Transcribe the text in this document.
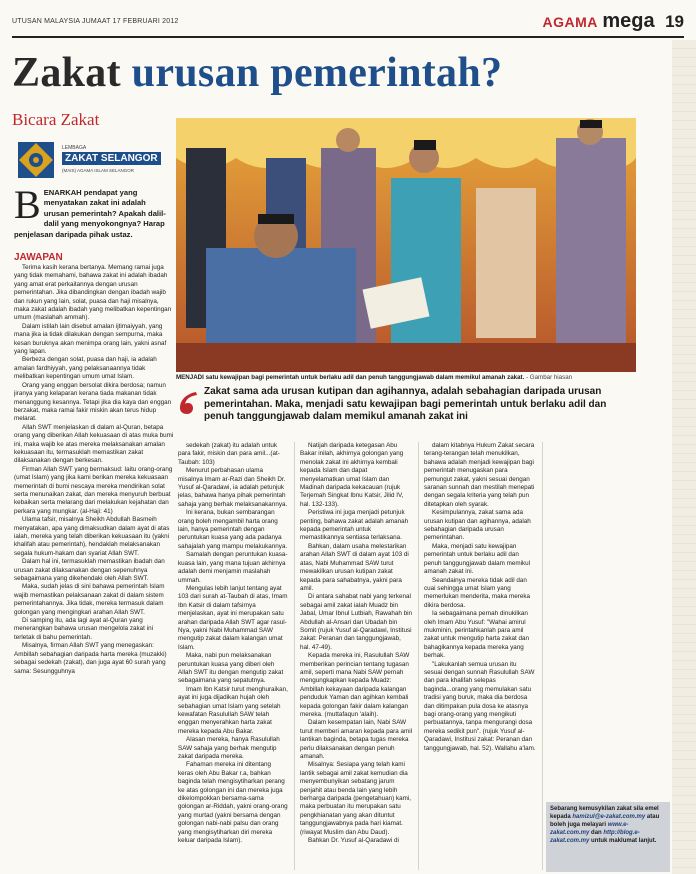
UTUSAN MALAYSIA JUMAAT 17 FEBRUARI 2012	AGAMA mega 19
Zakat urusan pemerintah?
Bicara Zakat
LEMBAGA
ZAKAT SELANGOR
(MAIS) AGAMA ISLAM SELANGOR
BENARKAH pendapat yang menyatakan zakat ini adalah urusan pemerintah? Apakah dalil-dalil yang menyokongnya? Harap penjelasan daripada pihak ustaz.
JAWAPAN

Terima kasih kerana bertanya. Memang ramai juga yang tidak memahami, bahawa zakat ini adalah ibadah yang amat erat perkaitannya dengan urusan pemerintahan. Jika dibandingkan dengan ibadah wajib dan rukun yang lain, solat, puasa dan haji misalnya, maka zakat adalah ibadah yang melibatkan kepentingan umum (maslahah ammah).

Dalam istilah lain disebut amalan ijtimaiyyah, yang mana jika ia tidak dilakukan dengan sempurna, maka kesan buruknya akan menimpa orang lain, yakni asnaf yang lapan.

Berbeza dengan solat, puasa dan haji, ia adalah amalan fardhiyyah, yang pelaksanaannya tidak melibatkan kepentingan umum umat Islam.

Orang yang enggan bersolat dikira berdosa; namun jiranya yang kelaparan kerana tiada makanan tidak menanggung kesannya. Tetapi jika dia kaya dan enggan berzakat, maka ramai fakir miskin akan terus hidup melarat.

Allah SWT menjelaskan di dalam al-Quran, betapa orang yang diberikan Allah kekuasaan di atas muka bumi ini, maka wajib ke atas mereka melaksanakan amalan kekuasaan itu, termasuklah memastikan zakat dilaksanakan dengan berkesan.

Firman Allah SWT yang bermaksud: Iaitu orang-orang (umat Islam) yang jika kami berikan mereka kekuasaan memerintah di bumi nescaya mereka mendirikan solat serta menunaikan zakat, dan mereka menyuruh berbuat kebaikan serta melarang dari melakukan kejahatan dan perkara yang mungkar. (al-Haji: 41)

Ulama tafsir, misalnya Sheikh Abdullah Basmeih menyatakan, apa yang dimaksudkan dalam ayat di atas ialah, mereka yang telah diberikan kekuasaan itu (yakni khalifah atau pemerintah), hendaklah melaksanakan segala hukum-hakam dan syariat Allah SWT.

Dalam hal ini, termasuklah memastikan ibadah dan urusan zakat dilaksanakan dengan sepenuhnya sebagaimana yang dikehendaki oleh Allah SWT.

Maka, sudah jelas di sini bahawa pemerintah Islam wajib memastikan pelaksanaan zakat di dalam sistem pemerintahannya. Jika tidak, mereka termasuk dalam golongan yang mengingkari arahan Allah SWT.

Di samping itu, ada lagi ayat al-Quran yang menerangkan bahawa urusan mengelola zakat ini terletak di bahu pemerintah.

Misalnya, firman Allah SWT yang menegaskan: Ambillah sebahagian daripada harta mereka (muzakki) sebagai sedekah (zakat), dan juga ayat 60 surah yang sama: Sesungguhnya

MENJADI satu kewajipan bagi pemerintah untuk berlaku adil dan penuh tanggungjawab dalam memikul amanah zakat. - Gambar hiasan
Zakat sama ada urusan kutipan dan agihannya, adalah sebahagian daripada urusan pemerintahan. Maka, menjadi satu kewajipan bagi pemerintah untuk berlaku adil dan penuh tanggungjawab dalam memikul amanah zakat ini

sedekah (zakat) itu adalah untuk para fakir, miskin dan para amil...(at-Taubah: 103)

Menurut perbahasan ulama misalnya Imam ar-Razi dan Sheikh Dr. Yusuf al-Qaradawi, ia adalah petunjuk jelas, bahawa hanya pihak pemerintah sahaja yang berhak melaksanakannya.

Ini kerana, bukan sembarangan orang boleh mengambil harta orang lain, hanya pemerintah dengan peruntukan kuasa yang ada padanya sahajalah yang mampu melakukannya.

Samalah dengan peruntukan kuasa-kuasa lain, yang mana tujuan akhirnya adalah demi menjamin maslahah ummah.

Mengulas lebih lanjut tentang ayat 103 dari surah at-Taubah di atas, Imam Ibn Katsir di dalam tafsirnya menjelaskan, ayat ini merupakan satu arahan daripada Allah SWT agar rasul-Nya, yakni Nabi Muhammad SAW mengutip zakat dalam kalangan umat Islam.

Maka, nabi pun melaksanakan peruntukan kuasa yang diberi oleh Allah SWT itu dengan mengutip zakat sebagaimana yang sepatutnya.

Imam Ibn Katsir turut menghuraikan, ayat ini juga dijadikan hujah oleh sebahagian umat Islam yang setelah kewafatan Rasulullah SAW telah enggan menyerahkan harta zakat mereka kepada Abu Bakar.

Alasan mereka, hanya Rasulullah SAW sahaja yang berhak mengutip zakat daripada mereka.

Fahaman mereka ini ditentang keras oleh Abu Bakar r.a, bahkan baginda telah mengisytiharkan perang ke atas golongan ini dan mereka juga dikelompokkan bersama-sama golongan ar-Riddah, yakni orang-orang yang murtad (yakni bersama dengan golongan nabi-nabi palsu dan orang yang mengisytiharkan diri mereka keluar daripada Islam).

Natijah daripada ketegasan Abu Bakar inilah, akhirnya golongan yang menolak zakat ini akhirnya kembali kepada Islam dan dapat menyelamatkan umat Islam dan Madinah daripada kekacauan (rujuk Terjemah Singkat Ibnu Katsir, Jilid IV, hal. 132-133).

Peristiwa ini juga menjadi petunjuk penting, bahawa zakat adalah amanah kepada pemerintah untuk memastikannya sentiasa terlaksana.

Bahkan, dalam usaha melestarikan arahan Allah SWT di dalam ayat 103 di atas, Nabi Muhammad SAW turut mewakilkan urusan kutipan zakat kepada para sahabatnya, yakni para amil.

Di antara sahabat nabi yang terkenal sebagai amil zakat ialah Muadz bin Jabal, Umar Ibnul Lutbiah, Rawahah bin Abdullah al-Ansari dan Ubadah bin Somit (rujuk Yusuf al-Qaradawi, Institusi zakat: Peranan dan tanggungjawab, hal. 47-49).

Kepada mereka ini, Rasulullah SAW memberikan perincian tentang tugasan amil, seperti mana Nabi SAW pernah mengungkapkan kepada Muadz: Ambillah kekayaan daripada kalangan penduduk Yaman dan agihkan kembali kepada golongan fakir dalam kalangan mereka. (muttafaqun 'alaih).

Dalam kesempatan lain, Nabi SAW turut memberi amaran kepada para amil lantikan baginda, betapa tugas mereka perlu dilaksanakan dengan penuh amanah.

Misalnya: Sesiapa yang telah kami lantik sebagai amil zakat kemudian dia menyembunyikan sebatang jarum penjahit atau benda lain yang lebih berharga daripada (pengetahuan) kami, maka perbuatan itu merupakan satu pengkhianatan yang akan dituntut tanggungjawabnya pada hari kiamat. (riwayat Muslim dan Abu Daud).

Bahkan Dr. Yusuf al-Qaradawi di

dalam kitabnya Hukum Zakat secara terang-terangan telah menukilkan, bahawa adalah menjadi kewajipan bagi pemerintah menugaskan para pemungut zakat, yakni sesuai dengan saranan sunnah dan mestilah menepati dengan segala kriteria yang telah pun ditetapkan oleh syarak.

Kesimpulannya, zakat sama ada urusan kutipan dan agihannya, adalah sebahagian daripada urusan pemerintahan.

Maka, menjadi satu kewajipan pemerintah untuk berlaku adil dan penuh tanggungjawab dalam memikul amanah zakat ini.

Seandainya mereka tidak adil dan cuai sehingga umat Islam yang memerlukan menderita, maka mereka dikira berdosa.

Ia sebagaimana pernah dinukilkan oleh Imam Abu Yusuf: "Wahai amirul mukminin, perintahkanlah para amil zakat untuk mengutip harta zakat dan bahagikannya kepada mereka yang berhak.

"Lakukanlah semua urusan itu sesuai dengan sunnah Rasulullah SAW dan para khalifah selepas baginda...orang yang memulakan satu tradisi yang buruk, maka dia berdosa dan ditimpakan pula dosa ke atasnya bagi orang-orang yang mengikuti perbuatannya, tanpa mengurangi dosa mereka sedikit pun". (rujuk Yusuf al-Qaradawi, Institusi zakat: Peranan dan tanggungjawab, hal. 52). Wallahu a'lam.

Sebarang kemusykilan zakat sila emel kepada hamizul@e-zakat.com.my atau boleh juga melayari www.e-zakat.com.my dan http://blog.e-zakat.com.my untuk maklumat lanjut.
